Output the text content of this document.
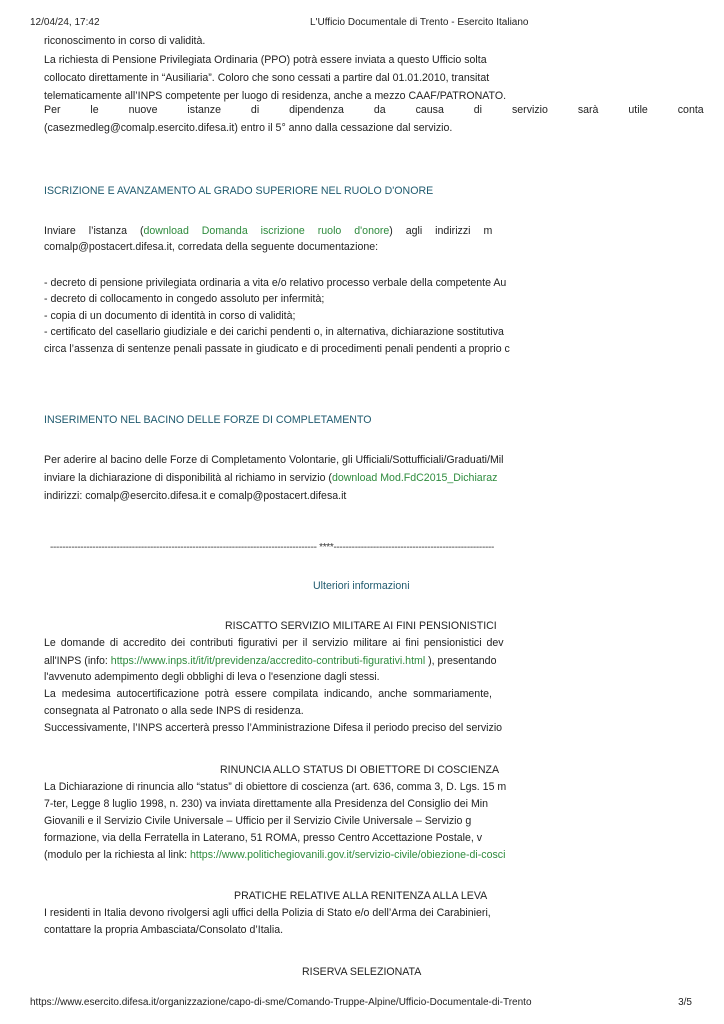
12/04/24, 17:42	L'Ufficio Documentale di Trento - Esercito Italiano
riconoscimento in corso di validità.
La richiesta di Pensione Privilegiata Ordinaria (PPO) potrà essere inviata a questo Ufficio solta
collocato direttamente in “Ausiliaria”. Coloro che sono cessati a partire dal 01.01.2010, transitat
telematicamente all’INPS competente per luogo di residenza, anche a mezzo CAAF/PATRONATO.
Per le nuove istanze di dipendenza da causa di servizio sarà utile conta
(casezmedleg@comalp.esercito.difesa.it) entro il 5° anno dalla cessazione dal servizio.
ISCRIZIONE E AVANZAMENTO AL GRADO SUPERIORE NEL RUOLO D'ONORE
Inviare l’istanza (download Domanda iscrizione ruolo d'onore) agli indirizzi m
comalp@postacert.difesa.it, corredata della seguente documentazione:
- decreto di pensione privilegiata ordinaria a vita e/o relativo processo verbale della competente Au
- decreto di collocamento in congedo assoluto per infermità;
- copia di un documento di identità in corso di validità;
- certificato del casellario giudiziale e dei carichi pendenti o, in alternativa, dichiarazione sostitutiva
circa l’assenza di sentenze penali passate in giudicato e di procedimenti penali pendenti a proprio c
INSERIMENTO NEL BACINO DELLE FORZE DI COMPLETAMENTO
Per aderire al bacino delle Forze di Completamento Volontarie, gli Ufficiali/Sottufficiali/Graduati/Mil
inviare la dichiarazione di disponibilità al richiamo in servizio (download Mod.FdC2015_Dichiaraz
indirizzi: comalp@esercito.difesa.it e comalp@postacert.difesa.it
---------------------------------------------------------------------------------------- ****-----------------------------------------------------
Ulteriori informazioni
RISCATTO SERVIZIO MILITARE AI FINI PENSIONISTICI
Le domande di accredito dei contributi figurativi per il servizio militare ai fini pensionistici dev
all'INPS (info: https://www.inps.it/it/it/previdenza/accredito-contributi-figurativi.html ), presentando
l'avvenuto adempimento degli obblighi di leva o l'esenzione dagli stessi.
La medesima autocertificazione potrà essere compilata indicando, anche sommariamente,
consegnata al Patronato o alla sede INPS di residenza.
Successivamente, l’INPS accerterà presso l’Amministrazione Difesa il periodo preciso del servizio
RINUNCIA ALLO STATUS DI OBIETTORE DI COSCIENZA
La Dichiarazione di rinuncia allo “status” di obiettore di coscienza (art. 636, comma 3, D. Lgs. 15 m
7-ter, Legge 8 luglio 1998, n. 230) va inviata direttamente alla Presidenza del Consiglio dei Min
Giovanili e il Servizio Civile Universale – Ufficio per il Servizio Civile Universale – Servizio g
formazione, via della Ferratella in Laterano, 51 ROMA, presso Centro Accettazione Postale, v
(modulo per la richiesta al link: https://www.politichegiovanili.gov.it/servizio-civile/obiezione-di-cosci
PRATICHE RELATIVE ALLA RENITENZA ALLA LEVA
I residenti in Italia devono rivolgersi agli uffici della Polizia di Stato e/o dell’Arma dei Carabinieri,
contattare la propria Ambasciata/Consolato d’Italia.
RISERVA SELEZIONATA
https://www.esercito.difesa.it/organizzazione/capo-di-sme/Comando-Truppe-Alpine/Ufficio-Documentale-di-Trento	3/5
